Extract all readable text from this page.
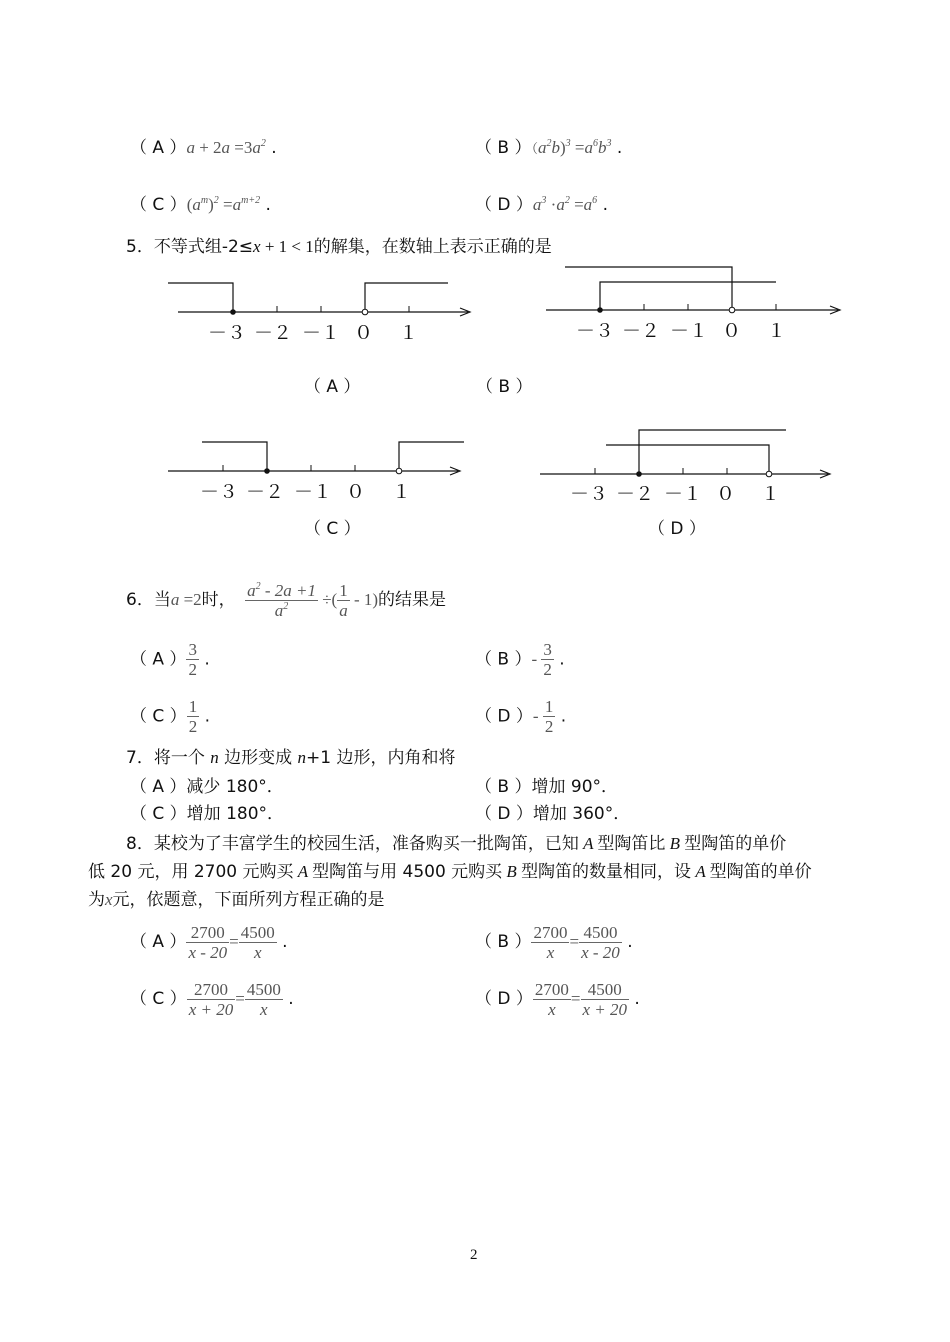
（ A ）$a + 2a =3a^2$ .	（ B ）$(a^2b)^3 =a^6b^3$ .
（ C ）$(a^m)^2 =a^{m+2}$ .	（ D ）$a^3 \cdot a^2 =a^6$ .
5．不等式组-2≤x + 1 < 1的解集，在数轴上表示正确的是
－３ －２ －１ ０ １
（ A ）
－３ －２ －１ ０ １
（ B ）
－３ －２ －１ ０ １
（ C ）
－３ －２ －１ ０ １
（ D ）
6．当a =2时， $\frac{a^2 - 2a +1}{a^2}$ ÷( $\frac{1}{a} - 1$)的结果是
（ A ） $\frac{3}{2}$ .	（ B ）- $\frac{3}{2}$ .
（ C ） $\frac{1}{2}$ .	（ D ）- $\frac{1}{2}$ .
7．将一个 n 边形变成 n+1 边形，内角和将
（ A ）减少 180°．	（ B ）增加 90°．
（ C ）增加 180°．	（ D ）增加 360°．
8．某校为了丰富学生的校园生活，准备购买一批陶笛，已知 A 型陶笛比 B 型陶笛的单价
低 20 元，用 2700 元购买 A 型陶笛与用 4500 元购买 B 型陶笛的数量相同，设 A 型陶笛的单价
为x元，依题意，下面所列方程正确的是
（ A ） $\frac{2700}{x - 20} = \frac{4500}{x}$ .	（ B ） $\frac{2700}{x} = \frac{4500}{x - 20}$ .
（ C ） $\frac{2700}{x + 20} = \frac{4500}{x}$ .	（ D ） $\frac{2700}{x} = \frac{4500}{x + 20}$ .
2
